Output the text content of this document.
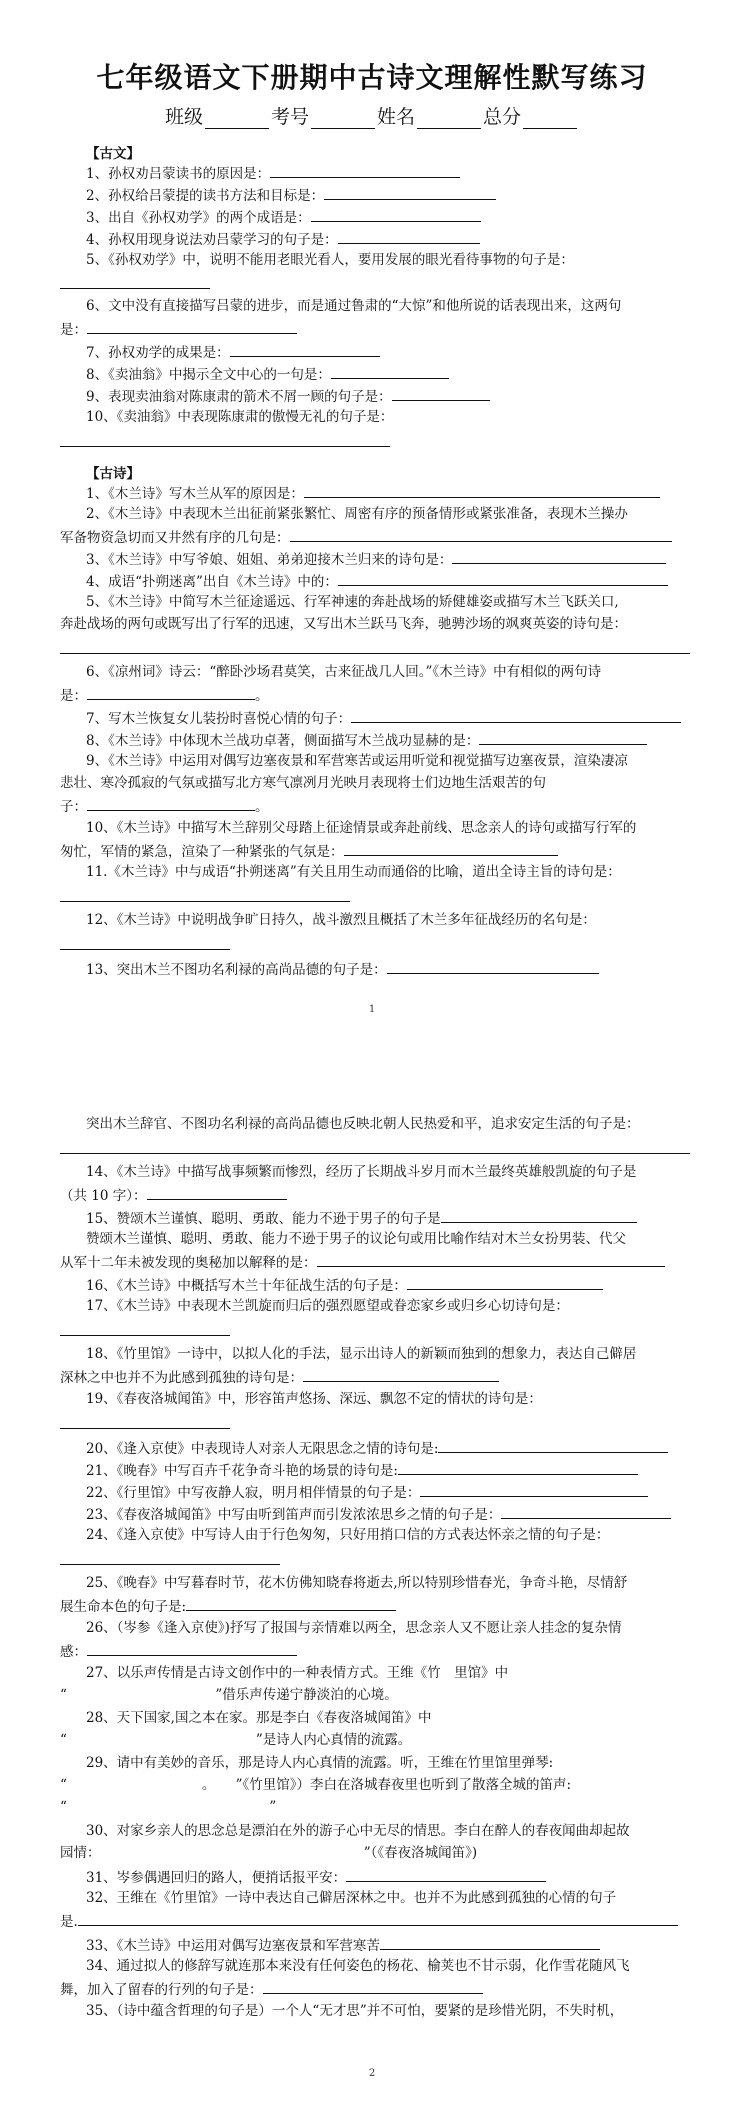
七年级语文下册期中古诗文理解性默写练习
班级	考号	姓名	总分
【古文】
1、孙权劝吕蒙读书的原因是：
2、孙权给吕蒙提的读书方法和目标是：
3、出自《孙权劝学》的两个成语是：
4、孙权用现身说法劝吕蒙学习的句子是：
5、《孙权劝学》中，说明不能用老眼光看人，要用发展的眼光看待事物的句子是：
6、文中没有直接描写吕蒙的进步，而是通过鲁肃的“大惊”和他所说的话表现出来，这两句
是：
7、孙权劝学的成果是：
8、《卖油翁》中揭示全文中心的一句是：
9、表现卖油翁对陈康肃的箭术不屑一顾的句子是：
10、《卖油翁》中表现陈康肃的傲慢无礼的句子是：
【古诗】
1、《木兰诗》写木兰从军的原因是：
2、《木兰诗》中表现木兰出征前紧张繁忙、周密有序的预备情形或紧张准备，表现木兰操办
军备物资急切而又井然有序的几句是：
3、《木兰诗》中写爷娘、姐姐、弟弟迎接木兰归来的诗句是：
4、成语“扑朔迷离”出自《木兰诗》中的：
5、《木兰诗》中简写木兰征途遥远、行军神速的奔赴战场的矫健雄姿或描写木兰飞跃关口,
奔赴战场的两句或既写出了行军的迅速，又写出木兰跃马飞奔，驰骋沙场的飒爽英姿的诗句是：
6、《凉州词》诗云：“醉卧沙场君莫笑，古来征战几人回。”《木兰诗》中有相似的两句诗
是：	。
7、写木兰恢复女儿装扮时喜悦心情的句子：
8、《木兰诗》中体现木兰战功卓著，侧面描写木兰战功显赫的是：
9、《木兰诗》中运用对偶写边塞夜景和军营寒苦或运用听觉和视觉描写边塞夜景，渲染凄凉
悲壮、寒冷孤寂的气氛或描写北方寒气凛冽月光映月表现将士们边地生活艰苦的句
子：	。
10、《木兰诗》中描写木兰辞别父母踏上征途情景或奔赴前线、思念亲人的诗句或描写行军的
匆忙，军情的紧急，渲染了一种紧张的气氛是：
11.《木兰诗》中与成语“扑朔迷离”有关且用生动而通俗的比喻，道出全诗主旨的诗句是：
12、《木兰诗》中说明战争旷日持久，战斗激烈且概括了木兰多年征战经历的名句是：
13、突出木兰不图功名利禄的高尚品德的句子是：
1
突出木兰辞官、不图功名利禄的高尚品德也反映北朝人民热爱和平，追求安定生活的句子是：
14、《木兰诗》中描写战事频繁而惨烈，经历了长期战斗岁月而木兰最终英雄般凯旋的句子是
（共 10 字）：
15、赞颂木兰谨慎、聪明、勇敢、能力不逊于男子的句子是
赞颂木兰谨慎、聪明、勇敢、能力不逊于男子的议论句或用比喻作结对木兰女扮男装、代父
从军十二年未被发现的奥秘加以解释的是：
16、《木兰诗》中概括写木兰十年征战生活的句子是：
17、《木兰诗》中表现木兰凯旋而归后的强烈愿望或眷恋家乡或归乡心切诗句是：
18、《竹里馆》一诗中，以拟人化的手法，显示出诗人的新颖而独到的想象力，表达自己僻居
深林之中也并不为此感到孤独的诗句是：
19、《春夜洛城闻笛》中，形容笛声悠扬、深远、飘忽不定的情状的诗句是：
20、《逢入京使》中表现诗人对亲人无限思念之情的诗句是:
21、《晚春》中写百卉千花争奇斗艳的场景的诗句是:
22、《行里馆》中写夜静人寂，明月相伴情景的句子是：
23、《春夜洛城闻笛》中写由听到笛声而引发浓浓思乡之情的句子是：
24、《逢入京使》中写诗人由于行色匆匆，只好用捎口信的方式表达怀亲之情的句子是：
25、《晚春》中写暮春时节，花木仿佛知晓春将逝去,所以特别珍惜春光，争奇斗艳，尽情舒
展生命本色的句子是:
26、（岑参《逢入京使》)抒写了报国与亲情难以两全，思念亲人又不愿让亲人挂念的复杂情
感：
27、以乐声传情是古诗文创作中的一种表情方式。王维《竹　里馆》中
“　　　　　　　　　　　”借乐声传递宁静淡泊的心境。
28、天下国家,国之本在家。那是李白《春夜洛城闻笛》中
“　　　　　　　　　　　　　　”是诗人内心真情的流露。
29、请中有美妙的音乐，那是诗人内心真情的流露。听，王维在竹里馆里弹琴:
“　　　　　　　　　　。　　”《竹里馆》）李白在洛城春夜里也听到了散落全城的笛声:
“　　　　　　　　　　　　　　　”
30、对家乡亲人的思念总是漂泊在外的游子心中无尽的情思。李白在醉人的春夜闻曲却起故
园情：　　　　　　　　　　　　　　　　　　　　”（《春夜洛城闻笛》)
31、岑参偶遇回归的路人，便捎话报平安：
32、王维在《竹里馆》一诗中表达自己僻居深林之中。也并不为此感到孤独的心情的句子
是.
33、《木兰诗》中运用对偶写边塞夜景和军营寒苦
34、通过拟人的修辞写就连那本来没有任何姿色的杨花、榆荚也不甘示弱，化作雪花随风飞
舞，加入了留春的行列的句子是：
35、（诗中蕴含哲理的句子是）一个人“无才思”并不可怕，要紧的是珍惜光阴，不失时机，
2
